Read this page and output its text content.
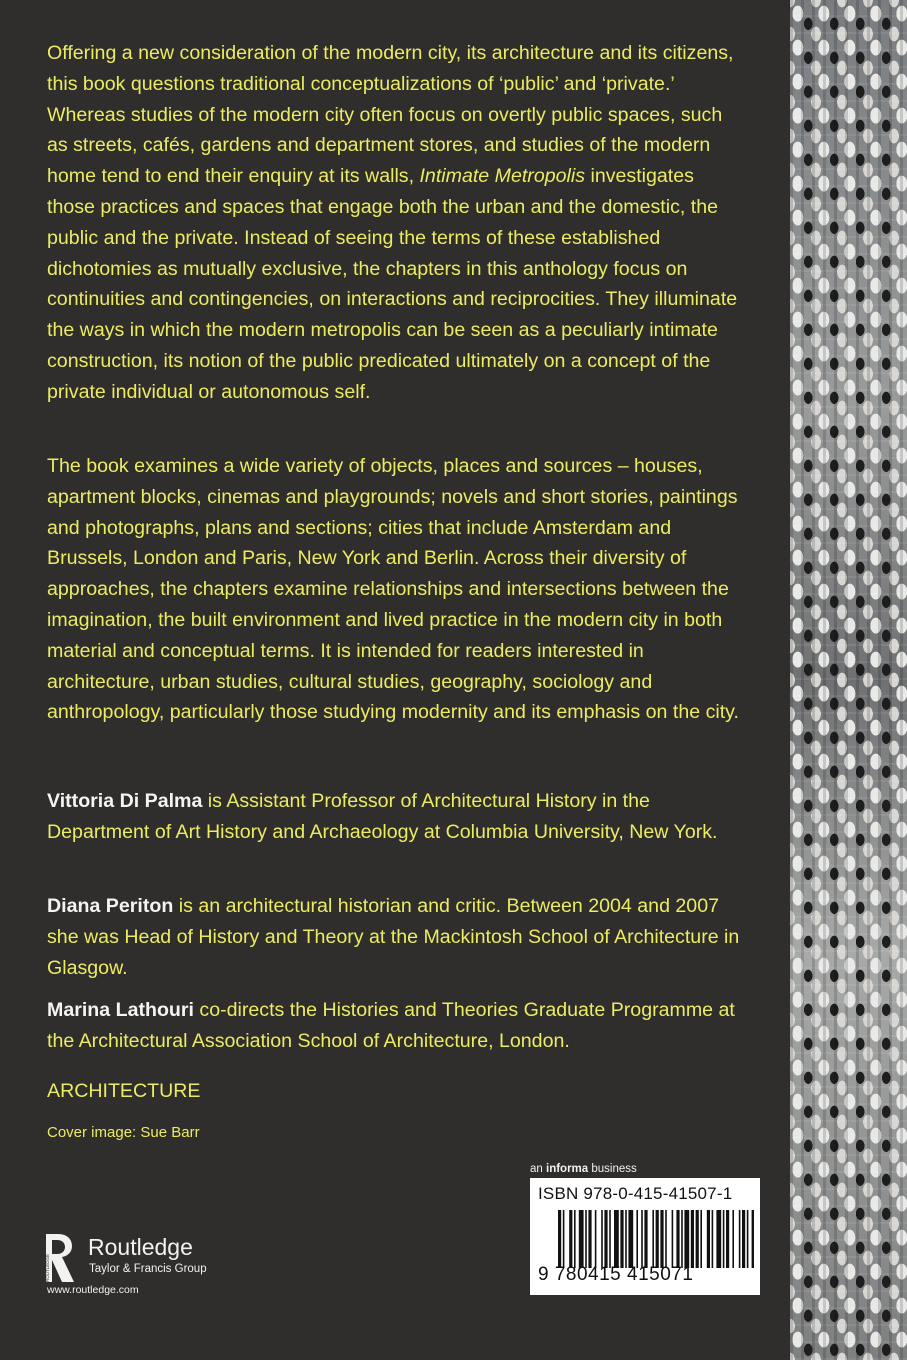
Offering a new consideration of the modern city, its architecture and its citizens, this book questions traditional conceptualizations of ‘public’ and ‘private.’ Whereas studies of the modern city often focus on overtly public spaces, such as streets, cafés, gardens and department stores, and studies of the modern home tend to end their enquiry at its walls, Intimate Metropolis investigates those practices and spaces that engage both the urban and the domestic, the public and the private. Instead of seeing the terms of these established dichotomies as mutually exclusive, the chapters in this anthology focus on continuities and contingencies, on interactions and reciprocities. They illuminate the ways in which the modern metropolis can be seen as a peculiarly intimate construction, its notion of the public predicated ultimately on a concept of the private individual or autonomous self.

The book examines a wide variety of objects, places and sources – houses, apartment blocks, cinemas and playgrounds; novels and short stories, paintings and photographs, plans and sections; cities that include Amsterdam and Brussels, London and Paris, New York and Berlin. Across their diversity of approaches, the chapters examine relationships and intersections between the imagination, the built environment and lived practice in the modern city in both material and conceptual terms. It is intended for readers interested in architecture, urban studies, cultural studies, geography, sociology and anthropology, particularly those studying modernity and its emphasis on the city.

Vittoria Di Palma is Assistant Professor of Architectural History in the Department of Art History and Archaeology at Columbia University, New York.

Diana Periton is an architectural historian and critic. Between 2004 and 2007 she was Head of History and Theory at the Mackintosh School of Architecture in Glasgow.

Marina Lathouri co-directs the Histories and Theories Graduate Programme at the Architectural Association School of Architecture, London.

ARCHITECTURE
Cover image: Sue Barr
ROUTLEDGE
Routledge
Taylor & Francis Group
www.routledge.com
an informa business
ISBN 978-0-415-41507-1
9 780415 415071
